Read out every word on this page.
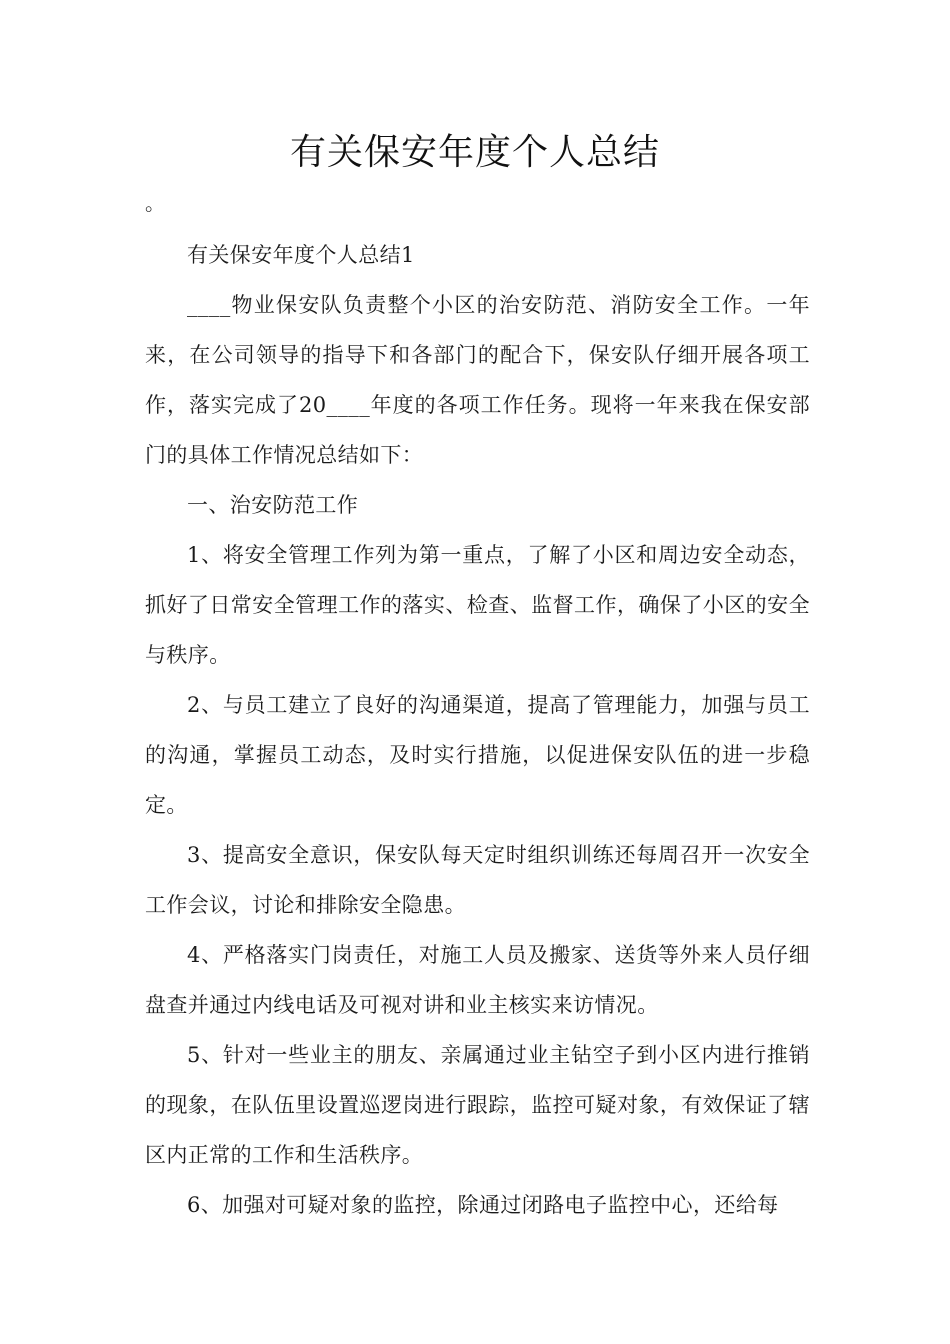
有关保安年度个人总结
。

有关保安年度个人总结1

____物业保安队负责整个小区的治安防范、消防安全工作。一年来，在公司领导的指导下和各部门的配合下，保安队仔细开展各项工作，落实完成了20____年度的各项工作任务。现将一年来我在保安部门的具体工作情况总结如下：

一、治安防范工作

1、将安全管理工作列为第一重点，了解了小区和周边安全动态，抓好了日常安全管理工作的落实、检查、监督工作，确保了小区的安全与秩序。

2、与员工建立了良好的沟通渠道，提高了管理能力，加强与员工的沟通，掌握员工动态，及时实行措施，以促进保安队伍的进一步稳定。

3、提高安全意识，保安队每天定时组织训练还每周召开一次安全工作会议，讨论和排除安全隐患。

4、严格落实门岗责任，对施工人员及搬家、送货等外来人员仔细盘查并通过内线电话及可视对讲和业主核实来访情况。

5、针对一些业主的朋友、亲属通过业主钻空子到小区内进行推销的现象，在队伍里设置巡逻岗进行跟踪，监控可疑对象，有效保证了辖区内正常的工作和生活秩序。

6、加强对可疑对象的监控，除通过闭路电子监控中心，还给每
